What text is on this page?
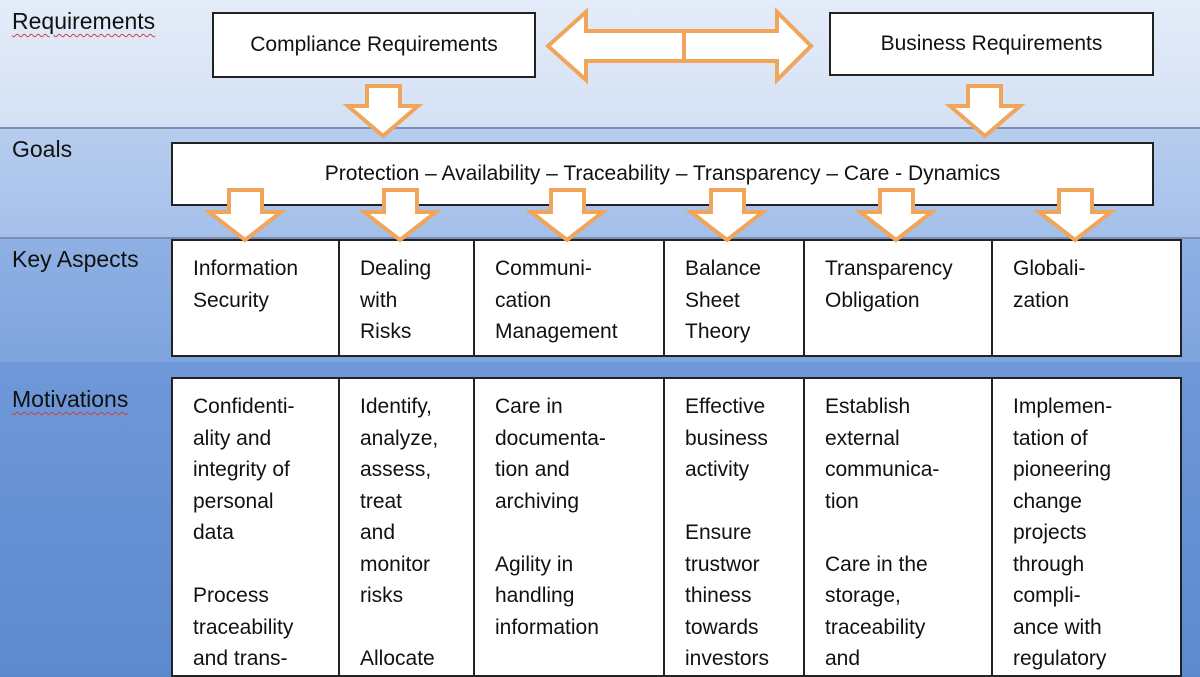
Requirements
Goals
Key Aspects
Motivations
Compliance Requirements	Business Requirements
Protection – Availability – Traceability – Transparency – Care - Dynamics
Information
Security
Dealing
with
Risks
Communi-
cation
Management
Balance
Sheet
Theory
Transparency
Obligation
Globali-
zation
Confidenti-
ality and
integrity of
personal
data

Process
traceability
and trans-
Identify,
analyze,
assess,
treat
and
monitor
risks

Allocate
Care in
documenta-
tion and
archiving

Agility in
handling
information
Effective
business
activity

Ensure
trustwor
thiness
towards
investors
Establish
external
communica-
tion

Care in the
storage,
traceability
and
Implemen-
tation of
pioneering
change
projects
through
compli-
ance with
regulatory
